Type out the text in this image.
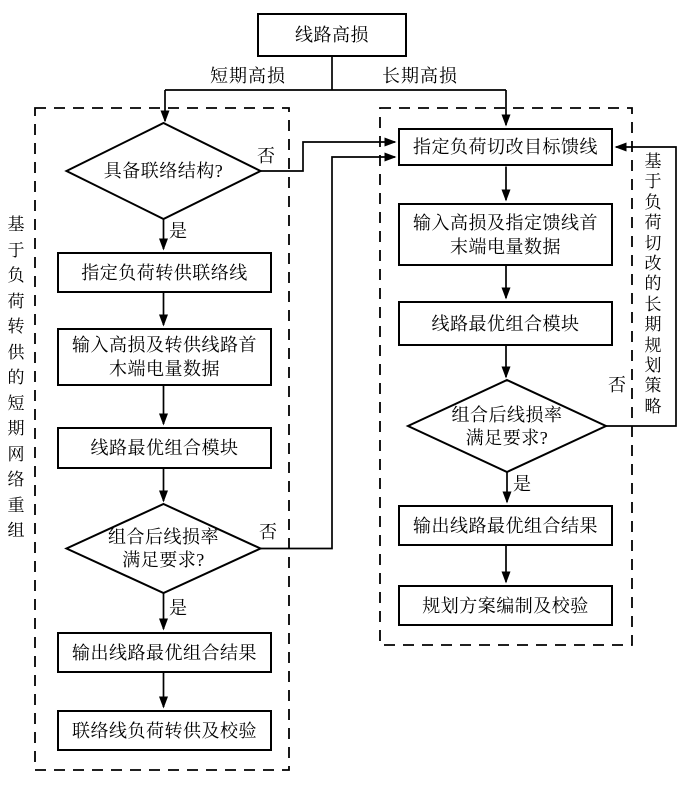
线路高损
短期高损	长期高损
基于负荷转供的短期网络重组
基于负荷切改的长期规划策略
具备联络结构?
组合后线损率
满足要求?
组合后线损率
满足要求?
指定负荷转供联络线
输入高损及转供线路首
木端电量数据
线路最优组合模块
输出线路最优组合结果
联络线负荷转供及校验
指定负荷切改目标馈线
输入高损及指定馈线首
末端电量数据
线路最优组合模块
输出线路最优组合结果
规划方案编制及校验
否
是
否
是
否
是
